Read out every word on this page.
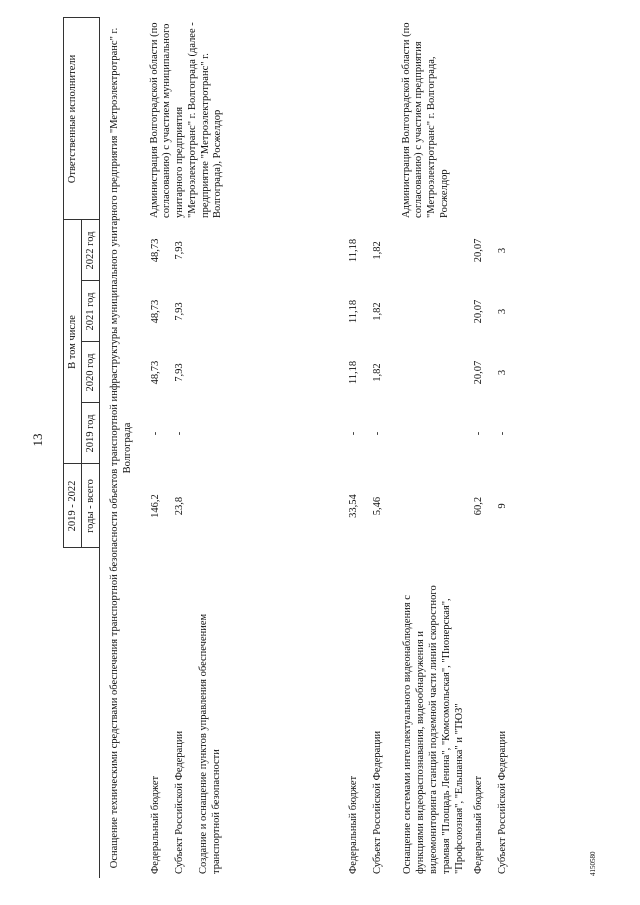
13
	2019 - 2022	В том числе				Ответственные исполнители
	годы - всего	2019 год	2020 год	2021 год	2022 год	
Оснащение техническими средствами обеспечения транспортной безопасности объектов транспортной инфраструктуры муниципального унитарного предприятия "Метроэлектротранс" г. Волгограда						
Федеральный бюджет	146,2	-	48,73	48,73	48,73	Администрация Волгоградской области (по согласованию) с участием муниципального унитарного предприятия "Метроэлектротранс" г. Волгограда (далее - предприятие "Метроэлектротранс" г. Волгограда), Росжелдор
Субъект Российской Федерации	23,8	-	7,93	7,93	7,93	
Создание и оснащение пунктов управления обеспечением транспортной безопасности						
Федеральный бюджет	33,54	-	11,18	11,18	11,18	
Субъект Российской Федерации	5,46	-	1,82	1,82	1,82	
Оснащение системами интеллектуального видеонаблюдения с функциями видеораспознавания, видеообнаружения и видеомониторинга станций подземной части линий скоростного трамвая "Площадь Ленина", "Комсомольская", "Пионерская", "Профсоюзная", "Ельшанка" и "ТЮЗ"						Администрация Волгоградской области (по согласованию) с участием предприятия "Метроэлектротранс" г. Волгограда, Росжелдор
Федеральный бюджет	60,2	-	20,07	20,07	20,07	
Субъект Российской Федерации	9	-	3	3	3	
4150580
